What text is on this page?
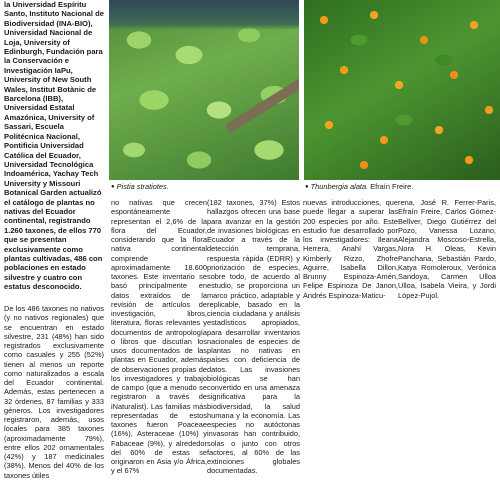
la Universidad Espíritu Santo, Instituto Nacional de Biodiversidad (INA-BIO), Universidad Nacional de Loja, University of Edinburgh, Fundación para la Conservación e Investigación IaPu, University of New South Wales, Institut Botànic de Barcelona (IBB), Universidad Estatal Amazónica, University of Sassari, Escuela Politécnica Nacional, Pontificia Universidad Católica del Ecuador, Universidad Tecnológica Indoamérica, Yachay Tech University y Missouri Botanical Garden actualizó el catálogo de plantas no nativas del Ecuador continental, registrando 1.260 taxones, de ellos 770 que se presentan exclusivamente como plantas cultivadas, 486 con poblaciones en estado silvestre y cuatro con estatus desconocido.
● Pistia stratiotes.	● Thunbergia alata. Efraín Freire.
De los 486 taxones no nativos (y no nativos regionales) que se encuentran en estado silvestre, 231 (48%) han sido registrados exclusivamente como casuales y 255 (52%) tienen al menos un reporte como naturalizados a escala del Ecuador continental. Además, estas pertenecen a 32 órdenes, 87 familias y 333 géneros. Los investigadores registraron, además, usos locales para 385 taxones (aproximadamente 79%), entre ellos 202 ornamentales (42%) y 187 medicinales (38%). Menos del 40% de los taxones útiles
no nativas que crecen espontáneamente representan el 2,6% de la flora del Ecuador, considerando que la flora nativa continental comprende aproximadamente 18.600 taxones. Este inventario se basó principalmente en datos extraídos de la revisión de artículos de investigación, libros, literatura, floras relevantes y documentos de antropología o libros que discutían los usos documentados de las plantas en Ecuador, además de observaciones propias de los investigadores y trabajo de campo (que a menudo se registraron a través de iNaturalist). Las familias más representadas de estos taxones fueron Poaceae (16%), Asteraceae (10%) y Fabaceae (9%), y alrededor del 60% de estas se originaron en Asia y/o África, y el 67%
(182 taxones, 37%) Estos hallazgos ofrecen una base para avanzar en la gestión de invasiones biológicas en Ecuador a través de la detección temprana, respuesta rápida (EDRR) y priorización de especies, sobre todo, de acuerdo al estudio, se proporciona un marco práctico, adaptable y replicable, basado en la ciencia ciudadana y análisis estadísticos apropiados, para desarrollar inventarios nacionales de especies de plantas no nativas en países con deficiencia de datos. Las invasiones biológicas se han convertido en una amenaza significativa para la biodiversidad, la salud humana y la economía. Las especies no autóctonas invasoras han contribuido, solas o junto con otros factores, al 60% de las extinciones globales documentadas.
nuevas introducciones, que puede llegar a superar las 200 especies por año. Este estudio fue desarrollado por los investigadores: Ileana Herrera, Anahí Vargas, Kimberly Rizzo, Zhofre Aguirre, Isabella Dillon, Brunny Espinoza-Amén, Felipe Espinoza De Janon, Andrés Espinoza-Maticu-
rena, José R. Ferrer-Paris, Efraín Freire, Carlos Gómez-Bellver, Diego Gutiérrez del Pozo, Vanessa Lozano, Alejandra Moscoso-Estrella, Nora H. Oleas, Kevin Panchana, Sebastián Pardo, Katya Romoleroux, Verónica Sandoya, Carmen Ulloa Ulloa, Isabela Vieira, y Jordi López-Pujol.
